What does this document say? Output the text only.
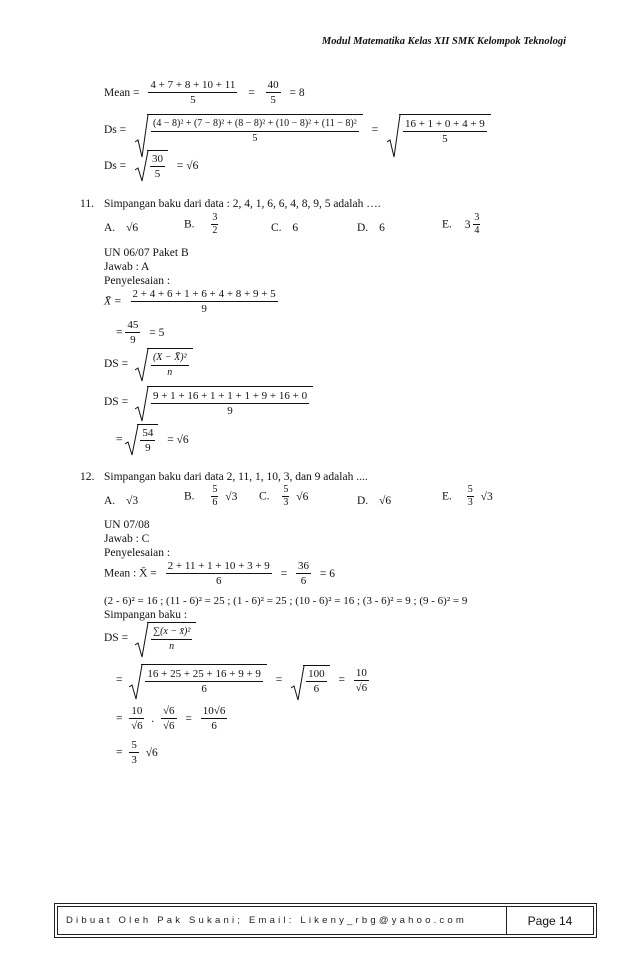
Modul Matematika Kelas XII SMK Kelompok Teknologi
Mean = $\frac{4 + 7 + 8 + 10 + 11}{5} = \frac{40}{5} = 8$
$Ds = \frac{\text{(4 − 8)² + (7 − 8)² + (8 − 8)² + (10 − 8)² + (11 − 8)²}}{5} = \frac{16 + 1 + 0 + 4 + 9}{5}$
$Ds = \frac{30}{5} = √6$
11. Simpangan baku dari data : 2, 4, 1, 6, 6, 4, 8, 9, 5 adalah ….
A. √6	B. $\frac{3}{2}$	C. 6	D. 6	E. $3 \frac{3}{4}$
UN 06/07 Paket B
Jawab : A
Penyelesaian :
X̄ = $\frac{2 + 4 + 6 + 1 + 6 + 4 + 8 + 9 + 5}{9}$
= $\frac{45}{9} = 5$
DS = $\frac{\text{(X − X̄)²}}{n}$
DS = $\frac{9 + 1 + 16 + 1 + 1 + 1 + 9 + 16 + 0}{9}$
= $\frac{54}{9} = √6$
12. Simpangan baku dari data 2, 11, 1, 10, 3, dan 9 adalah ....
A. √3	B. $\frac{5}{6} √3$ C. $\frac{5}{3} √6$	D. √6	E. $\frac{5}{3} √3$
UN 07/08
Jawab : C
Penyelesaian :
Mean : X̄ = $\frac{2 + 11 + 1 + 10 + 3 + 9}{6} = \frac{36}{6} = 6$
(2 - 6)² = 16 ; (11 - 6)² = 25 ; (1 - 6)² = 25 ; (10 - 6)² = 16 ; (3 - 6)² = 9 ; (9 - 6)² = 9
Simpangan baku :
DS = $\frac{\text{∑(x − x̄)²}}{n}$
= $\frac{16 + 25 + 25 + 16 + 9 + 9}{6} = \frac{100}{6} = \frac{10}{√6}$
= $\frac{10}{√6}$ . $\frac{√6}{√6} = \frac{10√6}{6}$
= $\frac{5}{3} √6$
Dibuat Oleh Pak Sukani; Email: Likeny_rbg@yahoo.com	Page 14
